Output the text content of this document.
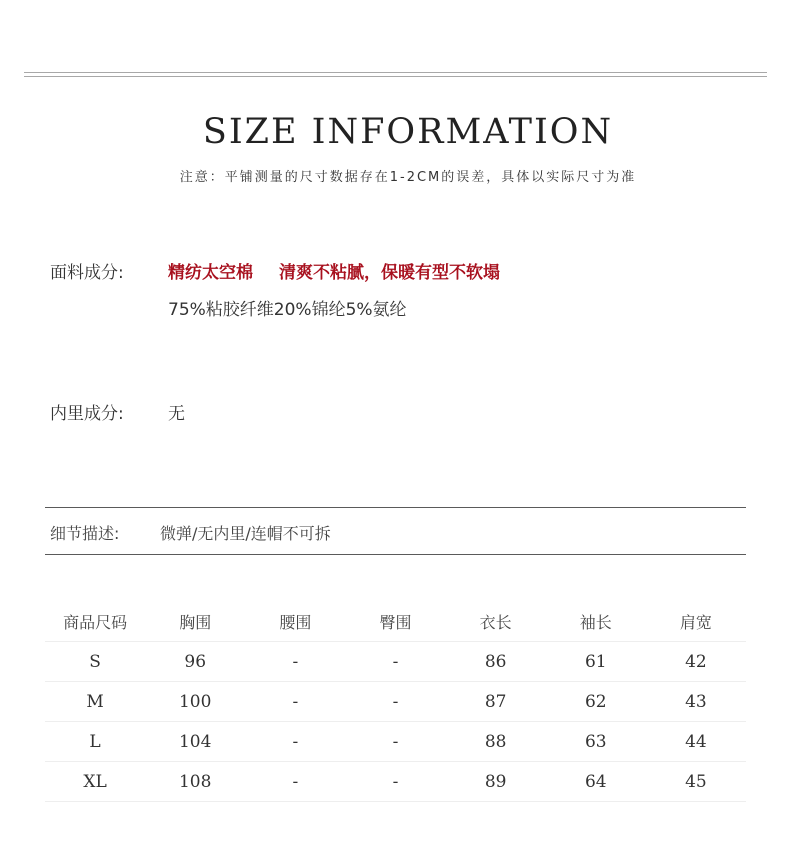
SIZE INFORMATION
注意：平铺测量的尺寸数据存在1-2CM的误差，具体以实际尺寸为准
面料成分:	精纺太空棉 清爽不粘腻，保暖有型不软塌
75%粘胶纤维20%锦纶5%氨纶
内里成分:	无
细节描述:	微弹/无内里/连帽不可拆
商品尺码	胸围	腰围	臀围	衣长	袖长	肩宽
S	96	-	-	86	61	42
M	100	-	-	87	62	43
L	104	-	-	88	63	44
XL	108	-	-	89	64	45
